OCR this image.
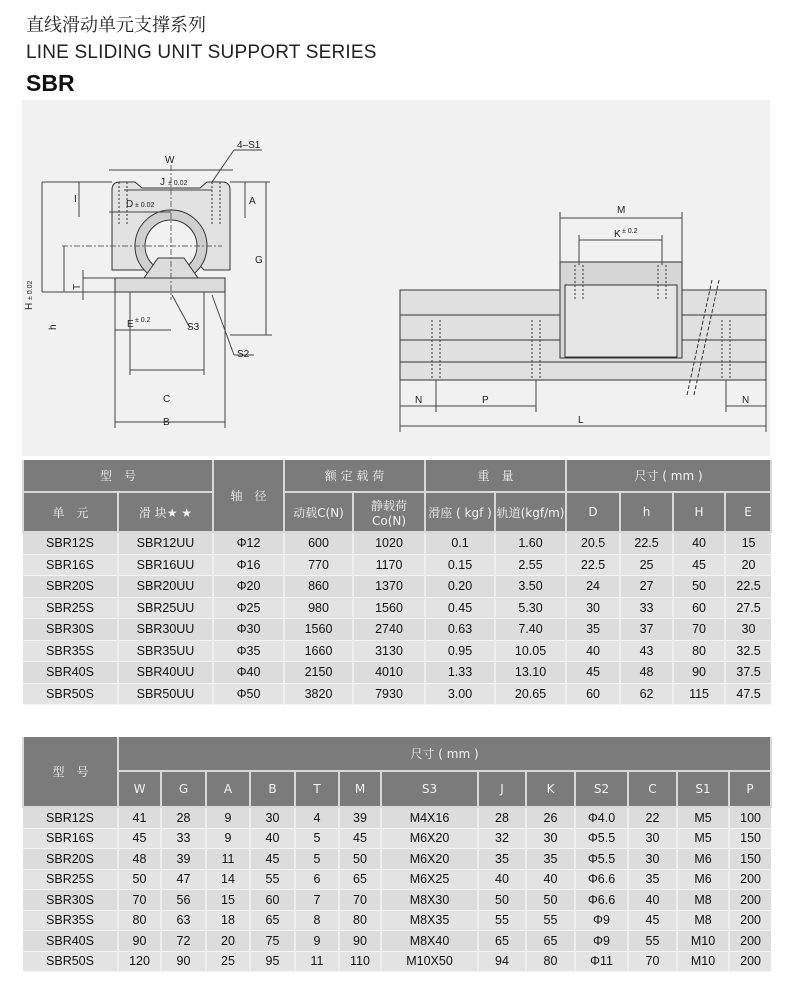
直线滑动单元支撑系列
LINE SLIDING UNIT SUPPORT SERIES
SBR
W
J ± 0.02
D ± 0.02
4–S1
I	A
G
H
± 0.02
h
T
E ± 0.2
S3
S2
C
B
M
K ± 0.2
N	P	N
L
型　号		轴　径	额 定 载 荷		重　量		尺寸 ( mm )			
单　元	滑 块★ ★		动载C(N)	静载荷Co(N)	滑座 ( kgf )	轨道(kgf/m)	D	h	H	E
SBR12S	SBR12UU	Φ12	600	1020	0.1	1.60	20.5	22.5	40	15
SBR16S	SBR16UU	Φ16	770	1170	0.15	2.55	22.5	25	45	20
SBR20S	SBR20UU	Φ20	860	1370	0.20	3.50	24	27	50	22.5
SBR25S	SBR25UU	Φ25	980	1560	0.45	5.30	30	33	60	27.5
SBR30S	SBR30UU	Φ30	1560	2740	0.63	7.40	35	37	70	30
SBR35S	SBR35UU	Φ35	1660	3130	0.95	10.05	40	43	80	32.5
SBR40S	SBR40UU	Φ40	2150	4010	1.33	13.10	45	48	90	37.5
SBR50S	SBR50UU	Φ50	3820	7930	3.00	20.65	60	62	115	47.5
型　号	尺寸 ( mm )												
	W	G	A	B	T	M	S3	J	K	S2	C	S1	P
SBR12S	41	28	9	30	4	39	M4X16	28	26	Φ4.0	22	M5	100
SBR16S	45	33	9	40	5	45	M6X20	32	30	Φ5.5	30	M5	150
SBR20S	48	39	11	45	5	50	M6X20	35	35	Φ5.5	30	M6	150
SBR25S	50	47	14	55	6	65	M6X25	40	40	Φ6.6	35	M6	200
SBR30S	70	56	15	60	7	70	M8X30	50	50	Φ6.6	40	M8	200
SBR35S	80	63	18	65	8	80	M8X35	55	55	Φ9	45	M8	200
SBR40S	90	72	20	75	9	90	M8X40	65	65	Φ9	55	M10	200
SBR50S	120	90	25	95	11	110	M10X50	94	80	Φ11	70	M10	200
